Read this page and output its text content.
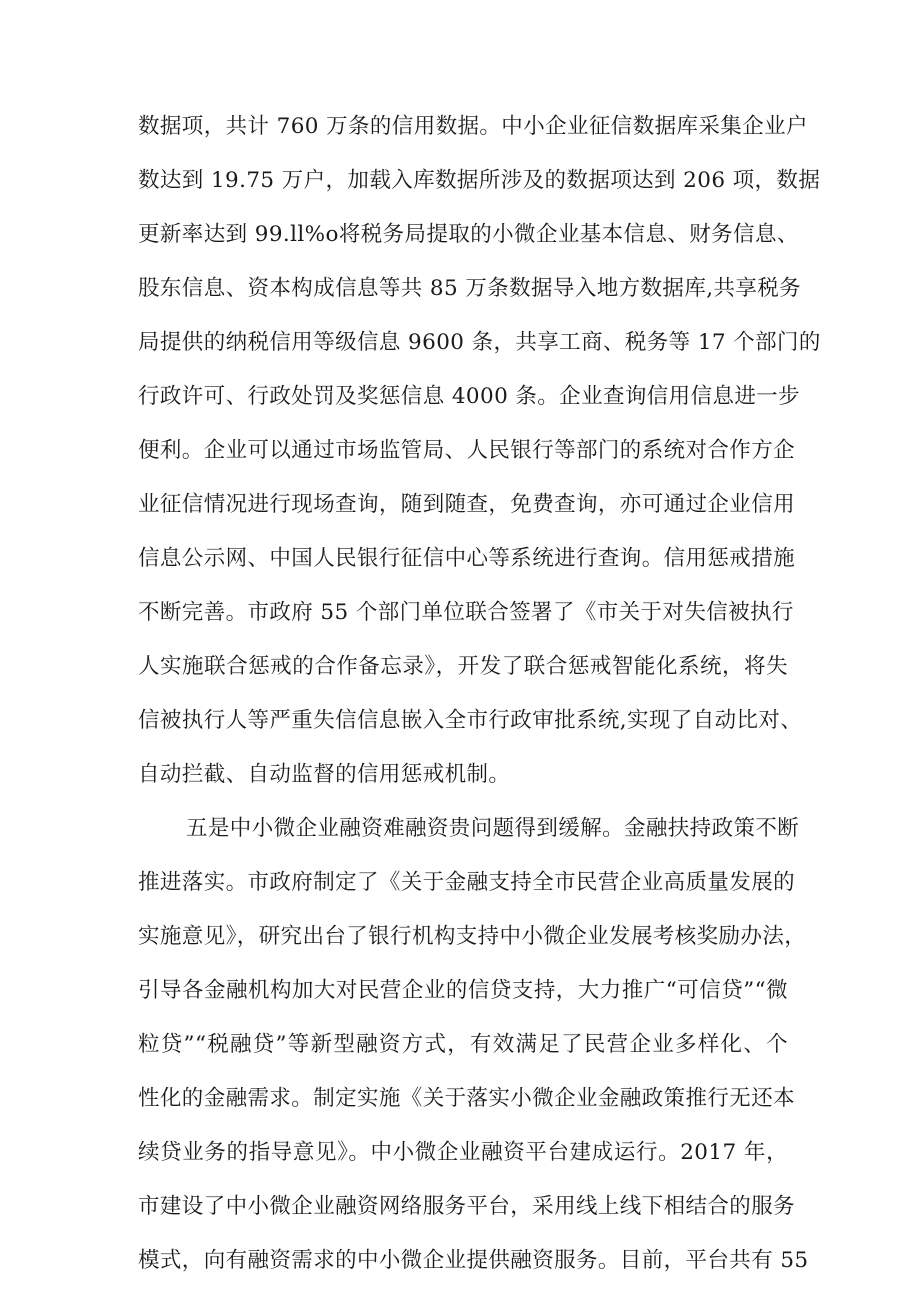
数据项，共计 760 万条的信用数据。中小企业征信数据库采集企业户
数达到 19.75 万户，加载入库数据所涉及的数据项达到 206 项，数据
更新率达到 99.ll%o将税务局提取的小微企业基本信息、财务信息、
股东信息、资本构成信息等共 85 万条数据导入地方数据库,共享税务
局提供的纳税信用等级信息 9600 条，共享工商、税务等 17 个部门的
行政许可、行政处罚及奖惩信息 4000 条。企业查询信用信息进一步
便利。企业可以通过市场监管局、人民银行等部门的系统对合作方企
业征信情况进行现场查询，随到随查，免费查询，亦可通过企业信用
信息公示网、中国人民银行征信中心等系统进行查询。信用惩戒措施
不断完善。市政府 55 个部门单位联合签署了《市关于对失信被执行
人实施联合惩戒的合作备忘录》，开发了联合惩戒智能化系统，将失
信被执行人等严重失信信息嵌入全市行政审批系统,实现了自动比对、
自动拦截、自动监督的信用惩戒机制。
五是中小微企业融资难融资贵问题得到缓解。金融扶持政策不断
推进落实。市政府制定了《关于金融支持全市民营企业高质量发展的
实施意见》，研究出台了银行机构支持中小微企业发展考核奖励办法，
引导各金融机构加大对民营企业的信贷支持，大力推广“可信贷”“微
粒贷”“税融贷”等新型融资方式，有效满足了民营企业多样化、个
性化的金融需求。制定实施《关于落实小微企业金融政策推行无还本
续贷业务的指导意见》。中小微企业融资平台建成运行。2017 年，
市建设了中小微企业融资网络服务平台，采用线上线下相结合的服务
模式，向有融资需求的中小微企业提供融资服务。目前，平台共有 55
